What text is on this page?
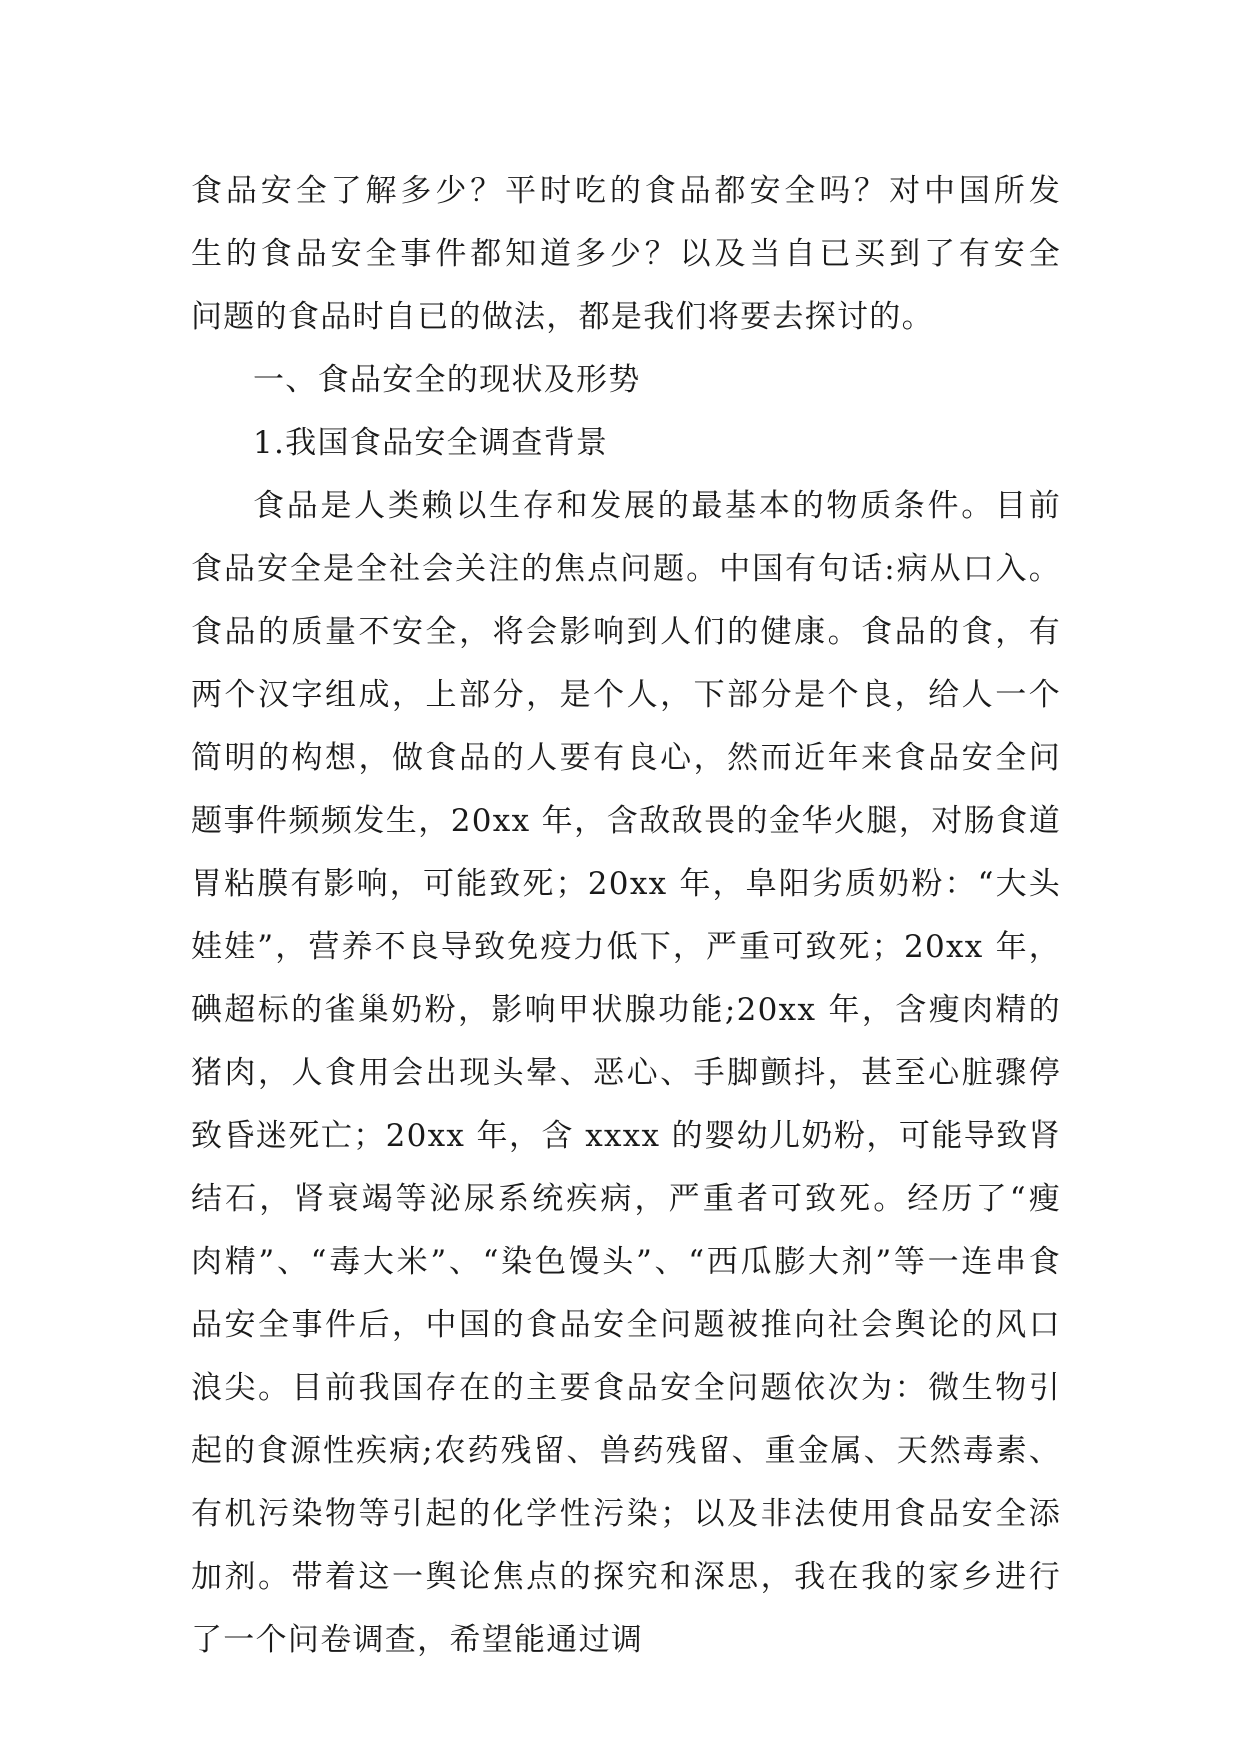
食品安全了解多少？平时吃的食品都安全吗？对中国所发
生的食品安全事件都知道多少？以及当自已买到了有安全
问题的食品时自已的做法，都是我们将要去探讨的。
一、食品安全的现状及形势
1.我国食品安全调查背景
食品是人类赖以生存和发展的最基本的物质条件。目前
食品安全是全社会关注的焦点问题。中国有句话:病从口入。
食品的质量不安全，将会影响到人们的健康。食品的食，有
两个汉字组成，上部分，是个人，下部分是个良，给人一个
简明的构想，做食品的人要有良心，然而近年来食品安全问
题事件频频发生，20xx 年，含敌敌畏的金华火腿，对肠食道
胃粘膜有影响，可能致死；20xx 年，阜阳劣质奶粉：“大头
娃娃”，营养不良导致免疫力低下，严重可致死；20xx 年，
碘超标的雀巢奶粉，影响甲状腺功能;20xx 年，含瘦肉精的
猪肉，人食用会出现头晕、恶心、手脚颤抖，甚至心脏骤停
致昏迷死亡；20xx 年，含 xxxx 的婴幼儿奶粉，可能导致肾
结石，肾衰竭等泌尿系统疾病，严重者可致死。经历了“瘦
肉精”、“毒大米”、“染色馒头”、“西瓜膨大剂”等一连串食
品安全事件后，中国的食品安全问题被推向社会舆论的风口
浪尖。目前我国存在的主要食品安全问题依次为：微生物引
起的食源性疾病;农药残留、兽药残留、重金属、天然毒素、
有机污染物等引起的化学性污染；以及非法使用食品安全添
加剂。带着这一舆论焦点的探究和深思，我在我的家乡进行
了一个问卷调查，希望能通过调
